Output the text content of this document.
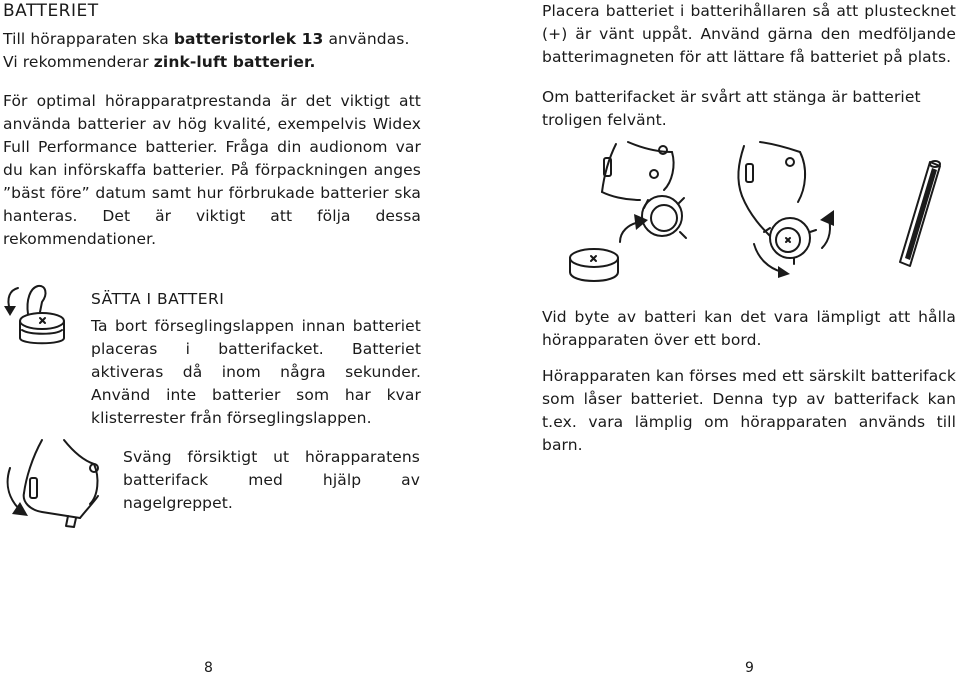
BATTERIET

Till hörapparaten ska batteristorlek 13 användas. Vi rekommenderar zink-luft batterier.

För optimal hörapparatprestanda är det viktigt att använda batterier av hög kvalité, exempelvis Widex Full Performance batterier. Fråga din audionom var du kan införskaffa batterier. På förpackningen anges ”bäst före” datum samt hur förbrukade batterier ska hanteras. Det är viktigt att följa dessa rekommendationer.

SÄTTA I BATTERI

Ta bort förseglingslappen innan batteriet placeras i batterifacket. Batteriet aktiveras då inom några sekunder. Använd inte batterier som har kvar klisterrester från förseglingslappen.

Sväng försiktigt ut hörapparatens batterifack med hjälp av nagelgreppet.

8

Placera batteriet i batterihållaren så att plustecknet (+) är vänt uppåt. Använd gärna den medföljande batterimagneten för att lättare få batteriet på plats.

Om batterifacket är svårt att stänga är batteriet troligen felvänt.

Vid byte av batteri kan det vara lämpligt att hålla hörapparaten över ett bord.

Hörapparaten kan förses med ett särskilt batterifack som låser batteriet. Denna typ av batterifack kan t.ex. vara lämplig om hörapparaten används till barn.

9
